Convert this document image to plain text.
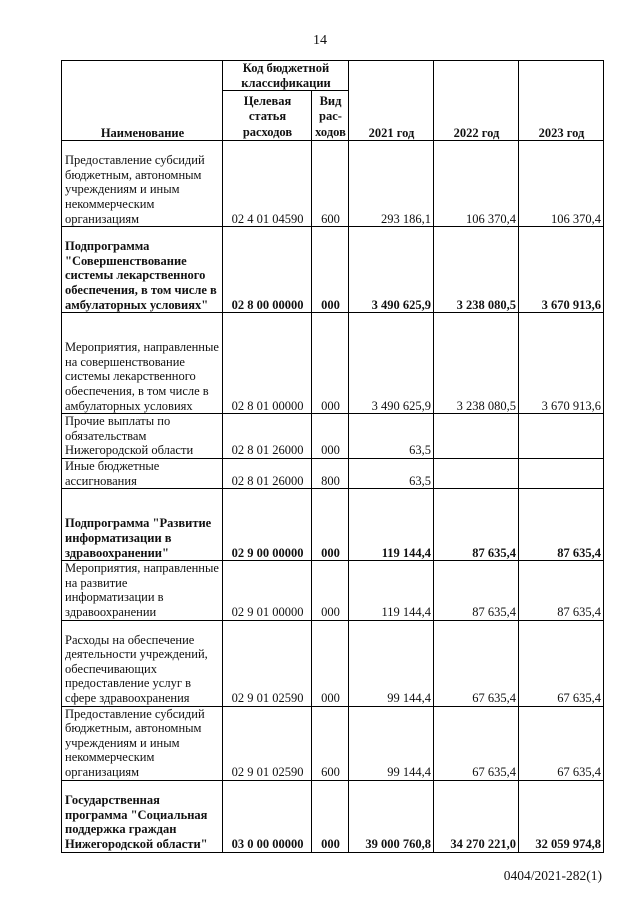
14
Наименование	Код бюджетной классификации		2021 год	2022 год	2023 год
	Целевая статья расходов	Вид рас-ходов			
Предоставление субсидий бюджетным, автономным учреждениям и иным некоммерческим организациям	02 4 01 04590	600	293 186,1	106 370,4	106 370,4
Подпрограмма "Совершенствование системы лекарственного обеспечения, в том числе в амбулаторных условиях"	02 8 00 00000	000	3 490 625,9	3 238 080,5	3 670 913,6
Мероприятия, направленные на совершенствование системы лекарственного обеспечения, в том числе в амбулаторных условиях	02 8 01 00000	000	3 490 625,9	3 238 080,5	3 670 913,6
Прочие выплаты по обязательствам Нижегородской области	02 8 01 26000	000	63,5		
Иные бюджетные ассигнования	02 8 01 26000	800	63,5		
Подпрограмма "Развитие информатизации в здравоохранении"	02 9 00 00000	000	119 144,4	87 635,4	87 635,4
Мероприятия, направленные на развитие информатизации в здравоохранении	02 9 01 00000	000	119 144,4	87 635,4	87 635,4
Расходы на обеспечение деятельности учреждений, обеспечивающих предоставление услуг в сфере здравоохранения	02 9 01 02590	000	99 144,4	67 635,4	67 635,4
Предоставление субсидий бюджетным, автономным учреждениям и иным некоммерческим организациям	02 9 01 02590	600	99 144,4	67 635,4	67 635,4
Государственная программа "Социальная поддержка граждан Нижегородской области"	03 0 00 00000	000	39 000 760,8	34 270 221,0	32 059 974,8
0404/2021-282(1)
